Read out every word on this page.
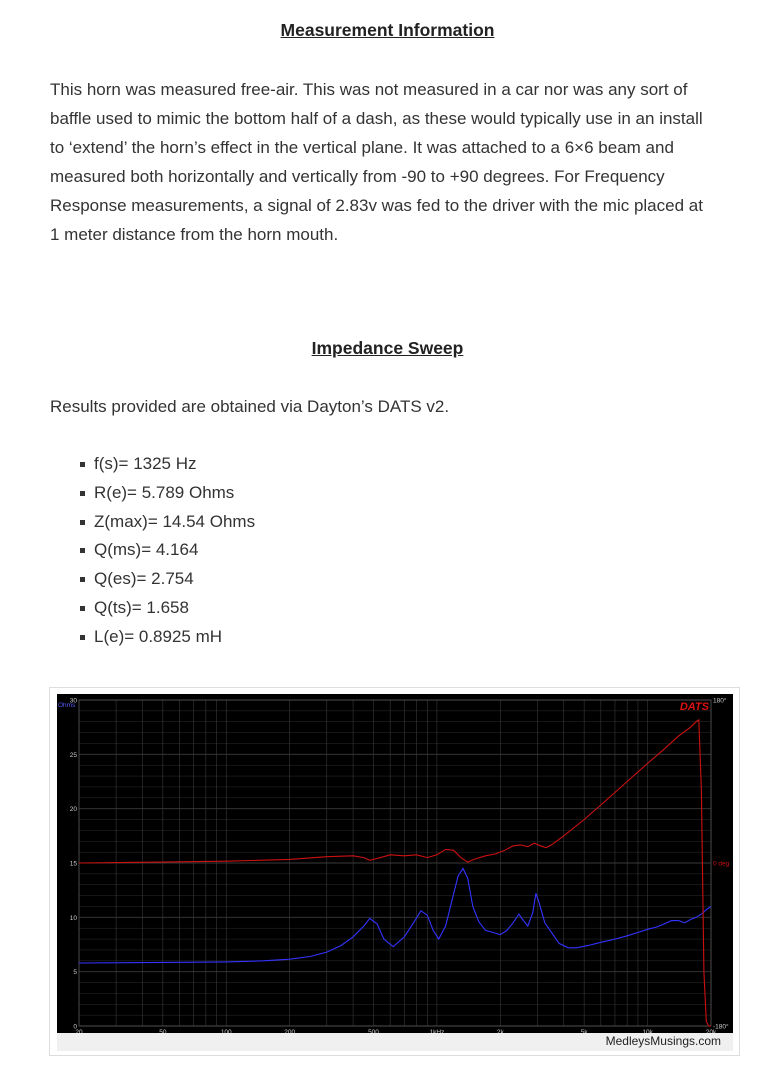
Measurement Information
This horn was measured free-air. This was not measured in a car nor was any sort of
baffle used to mimic the bottom half of a dash, as these would typically use in an install
to ‘extend’ the horn’s effect in the vertical plane. It was attached to a 6×6 beam and
measured both horizontally and vertically from -90 to +90 degrees. For Frequency
Response measurements, a signal of 2.83v was fed to the driver with the mic placed at
1 meter distance from the horn mouth.
Impedance Sweep

Results provided are obtained via Dayton’s DATS v2.

f(s)= 1325 Hz
R(e)= 5.789 Ohms
Z(max)= 14.54 Ohms
Q(ms)= 4.164
Q(es)= 2.754
Q(ts)= 1.658
L(e)= 0.8925 mH
0
5
10
15
20
25
30
Ohms
180°
0 deg
-180°
DATS
MedleysMusings.com
